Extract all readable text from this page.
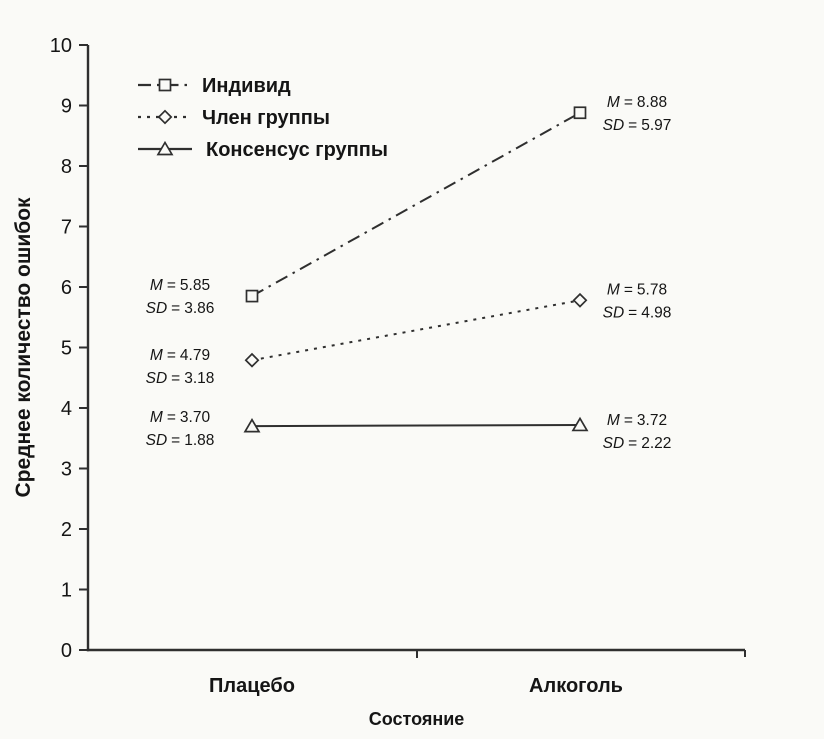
0
1
2
3
4
5
6
7
8
9
10
Плацебо	Алкоголь
Состояние
Среднее количество ошибок
Индивид
Член группы
Консенсус группы
M = 5.85
SD = 3.86
M = 8.88
SD = 5.97
M = 4.79
SD = 3.18
M = 5.78
SD = 4.98
M = 3.70
SD = 1.88
M = 3.72
SD = 2.22
